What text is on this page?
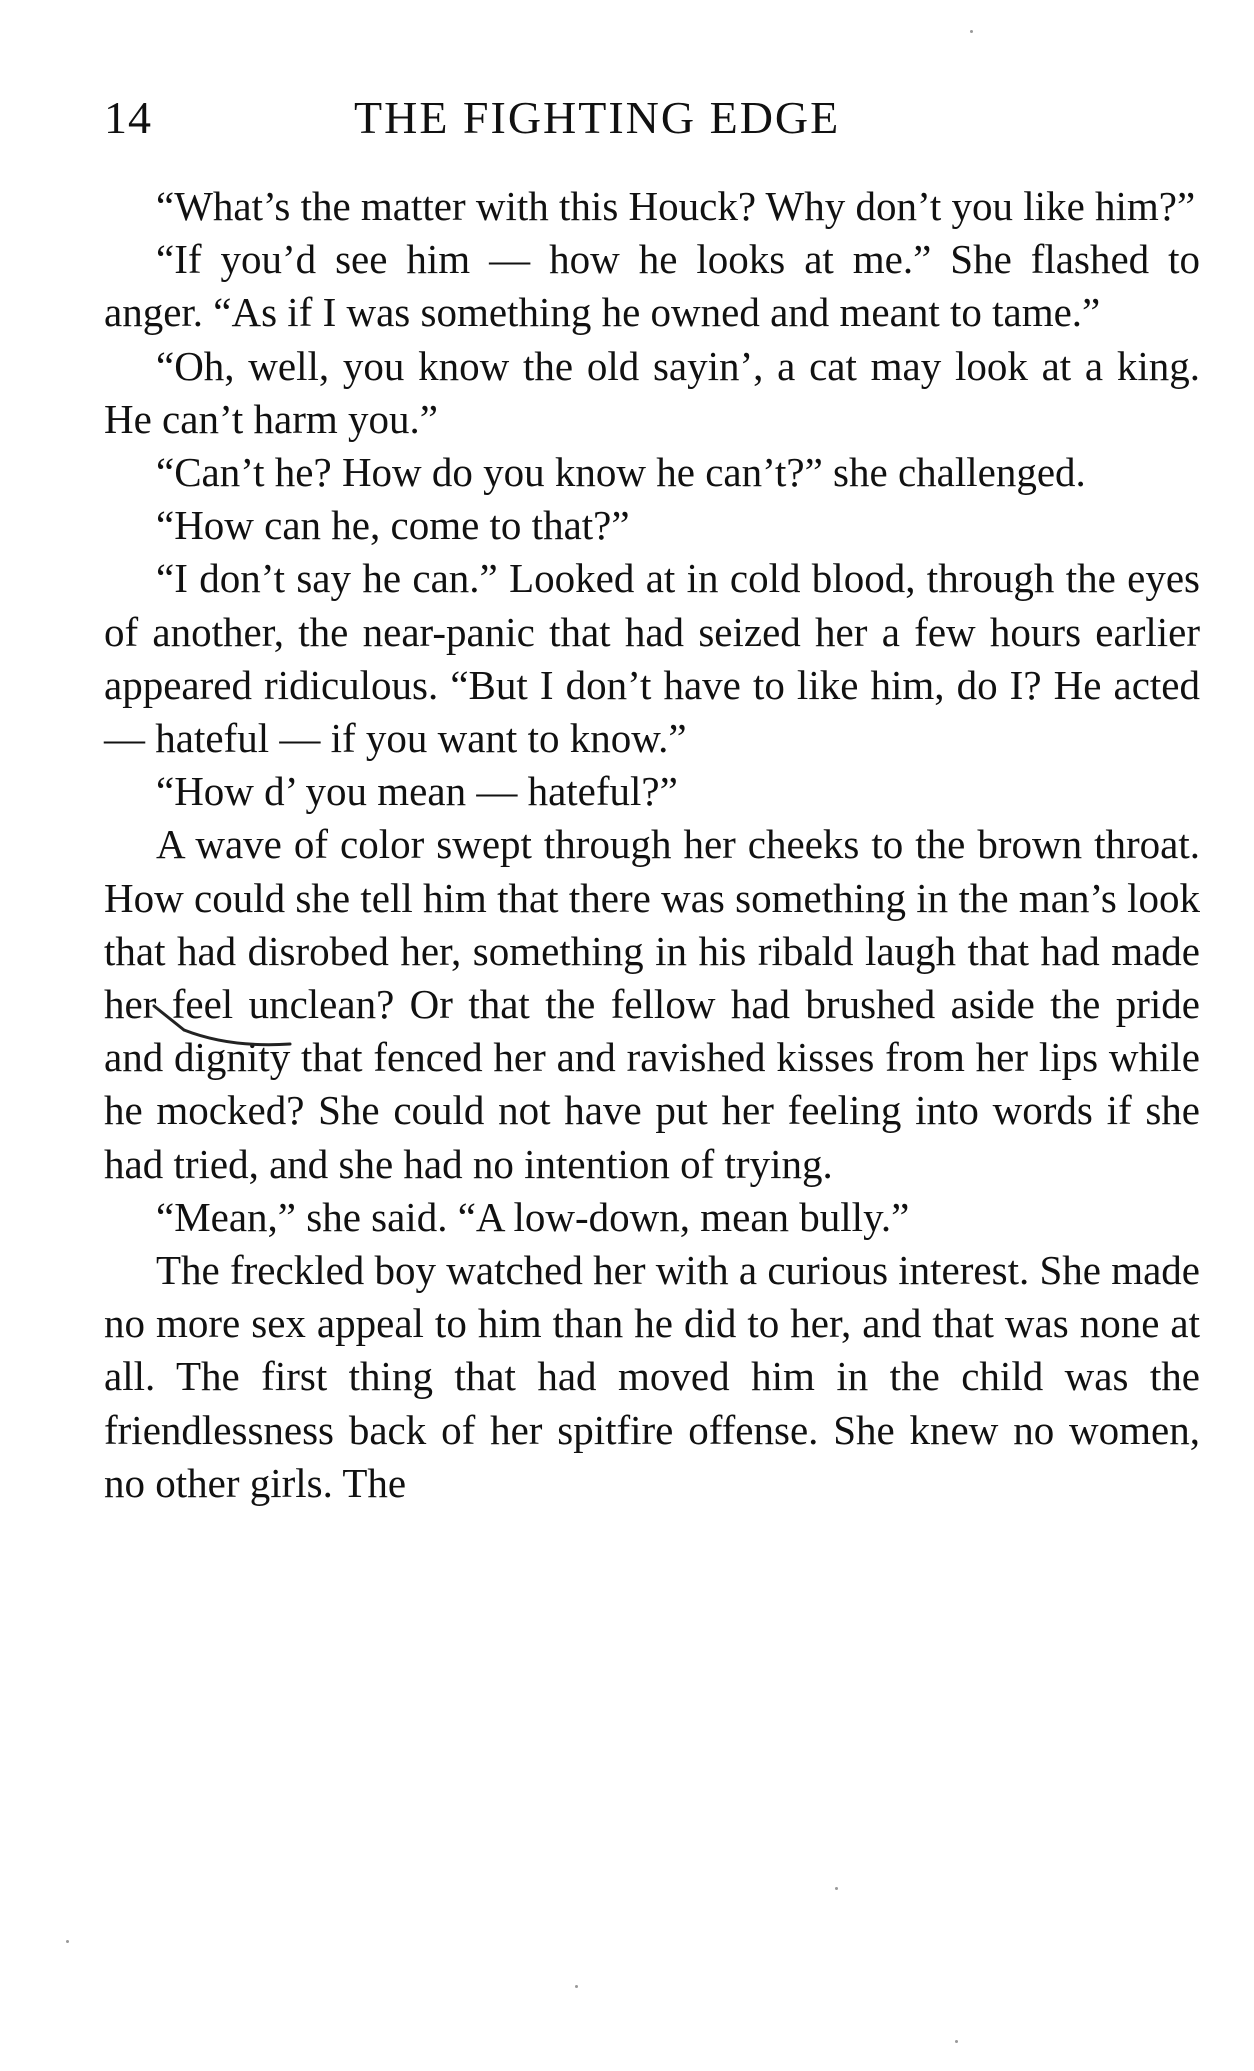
14	THE FIGHTING EDGE

“What’s the matter with this Houck? Why don’t you like him?”

“If you’d see him — how he looks at me.” She flashed to anger. “As if I was something he owned and meant to tame.”

“Oh, well, you know the old sayin’, a cat may look at a king. He can’t harm you.”

“Can’t he? How do you know he can’t?” she challenged.

“How can he, come to that?”

“I don’t say he can.” Looked at in cold blood, through the eyes of another, the near-panic that had seized her a few hours earlier appeared ridiculous. “But I don’t have to like him, do I? He acted — hateful — if you want to know.”

“How d’ you mean — hateful?”

A wave of color swept through her cheeks to the brown throat. How could she tell him that there was something in the man’s look that had disrobed her, something in his ribald laugh that had made her feel unclean? Or that the fellow had brushed aside the pride and dignity that fenced her and ravished kisses from her lips while he mocked? She could not have put her feeling into words if she had tried, and she had no intention of trying.

“Mean,” she said. “A low-down, mean bully.”

The freckled boy watched her with a curious interest. She made no more sex appeal to him than he did to her, and that was none at all. The first thing that had moved him in the child was the friendlessness back of her spitfire offense. She knew no women, no other girls. The
